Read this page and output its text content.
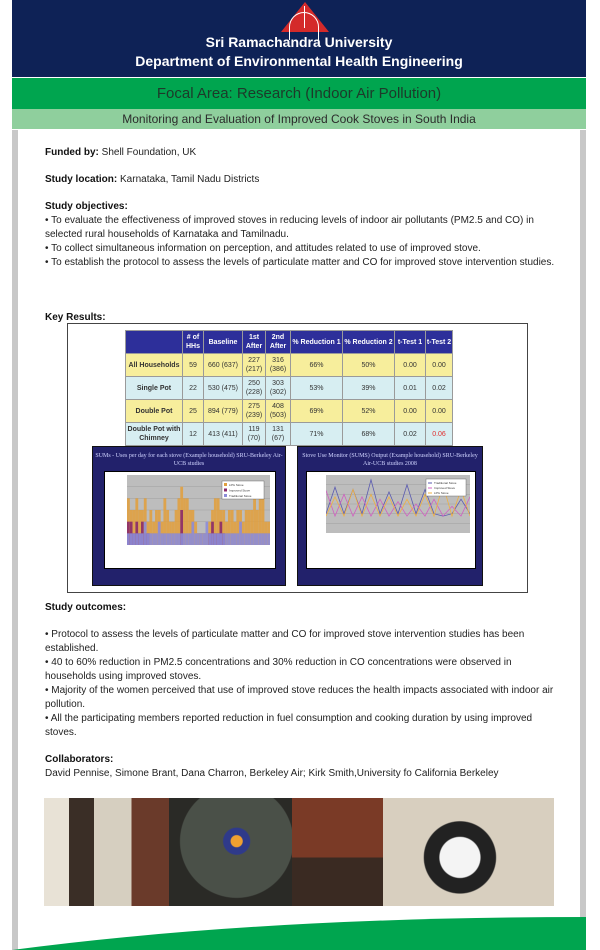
Sri Ramachandra University
Department of Environmental Health Engineering
Focal Area: Research (Indoor Air Pollution)
Monitoring and Evaluation of Improved Cook Stoves in South India
Funded by: Shell Foundation, UK
Study location: Karnataka, Tamil Nadu Districts
Study objectives:
• To evaluate the effectiveness of improved stoves in reducing levels of indoor air pollutants (PM2.5 and CO) in selected rural households of Karnataka and Tamilnadu.
• To collect simultaneous information on perception, and attitudes related to use of improved stove.
• To establish the protocol to assess the levels of particulate matter and CO for improved stove intervention studies.
Key Results:
	# of HHs	Baseline	1st After	2nd After	% Reduction 1	% Reduction 2	t-Test 1	t-Test 2
All Households	59	660 (637)	227 (217)	316 (386)	66%	50%	0.00	0.00
Single Pot	22	530 (475)	250 (228)	303 (302)	53%	39%	0.01	0.02
Double Pot	25	894 (779)	275 (239)	408 (503)	69%	52%	0.00	0.00
Double Pot with Chimney	12	413 (411)	119 (70)	131 (67)	71%	68%	0.02	0.06
SUMs - Uses per day for each stove (Example household) SRU-Berkeley Air-UCB studies
LPG Stove
Improved Stove
Traditional Stove
Stove Use Monitor (SUMS) Output (Example household) SRU-Berkeley Air-UCB studies 2008
Traditional Stove
Improved Stove
LPG Stove
Study outcomes:
• Protocol to assess the levels of particulate matter and CO for improved stove intervention studies has been established.
• 40 to 60% reduction in PM2.5 concentrations and 30% reduction in CO concentrations were observed in households using improved stoves.
• Majority of the women perceived that use of improved stove reduces the health impacts associated with indoor air pollution.
• All the participating members reported reduction in fuel consumption and cooking duration by using improved stoves.
Collaborators:
David Pennise, Simone Brant, Dana Charron, Berkeley Air; Kirk Smith,University fo California Berkeley
